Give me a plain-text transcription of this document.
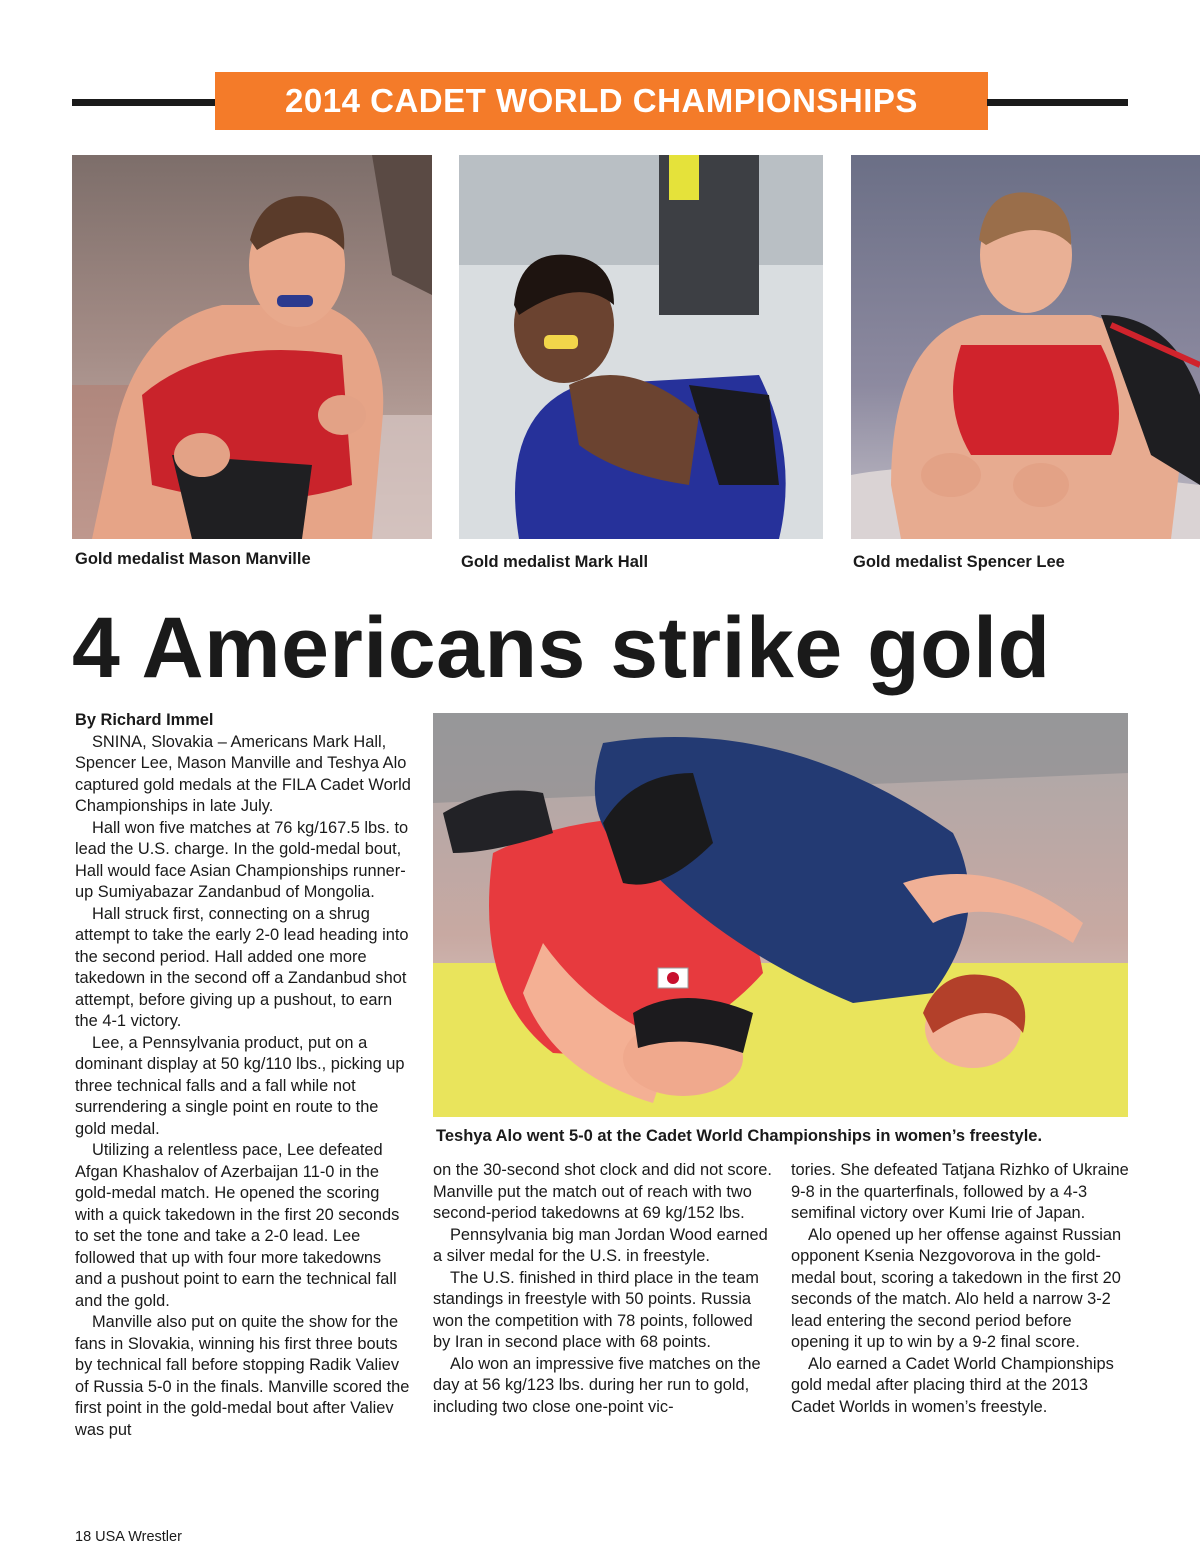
2014 CADET WORLD CHAMPIONSHIPS
Gold medalist Mason Manville	Gold medalist Mark Hall	Gold medalist Spencer Lee
4 Americans strike gold
Teshya Alo went 5-0 at the Cadet World Championships in women’s freestyle.

By Richard Immel

SNINA, Slovakia – Americans Mark Hall, Spencer Lee, Mason Manville and Teshya Alo captured gold medals at the FILA Cadet World Championships in late July.

Hall won five matches at 76 kg/167.5 lbs. to lead the U.S. charge. In the gold-medal bout, Hall would face Asian Championships runner-up Sumiyabazar Zandanbud of Mongolia.

Hall struck first, connecting on a shrug attempt to take the early 2-0 lead heading into the second period. Hall added one more takedown in the second off a Zandanbud shot attempt, before giving up a pushout, to earn the 4-1 victory.

Lee, a Pennsylvania product, put on a dominant display at 50 kg/110 lbs., picking up three technical falls and a fall while not surrendering a single point en route to the gold medal.

Utilizing a relentless pace, Lee defeated Afgan Khashalov of Azerbaijan 11-0 in the gold-medal match. He opened the scoring with a quick takedown in the first 20 seconds to set the tone and take a 2-0 lead. Lee followed that up with four more takedowns and a pushout point to earn the technical fall and the gold.

Manville also put on quite the show for the fans in Slovakia, winning his first three bouts by technical fall before stopping Radik Valiev of Russia 5-0 in the finals. Manville scored the first point in the gold-medal bout after Valiev was put

on the 30-second shot clock and did not score. Manville put the match out of reach with two second-period takedowns at 69 kg/152 lbs.

Pennsylvania big man Jordan Wood earned a silver medal for the U.S. in freestyle.

The U.S. finished in third place in the team standings in freestyle with 50 points. Russia won the competition with 78 points, followed by Iran in second place with 68 points.

Alo won an impressive five matches on the day at 56 kg/123 lbs. during her run to gold, including two close one-point vic-

tories. She defeated Tatjana Rizhko of Ukraine 9-8 in the quarterfinals, followed by a 4-3 semifinal victory over Kumi Irie of Japan.

Alo opened up her offense against Russian opponent Ksenia Nezgovorova in the gold-medal bout, scoring a takedown in the first 20 seconds of the match. Alo held a narrow 3-2 lead entering the second period before opening it up to win by a 9-2 final score.

Alo earned a Cadet World Championships gold medal after placing third at the 2013 Cadet Worlds in women’s freestyle.

18 USA Wrestler
